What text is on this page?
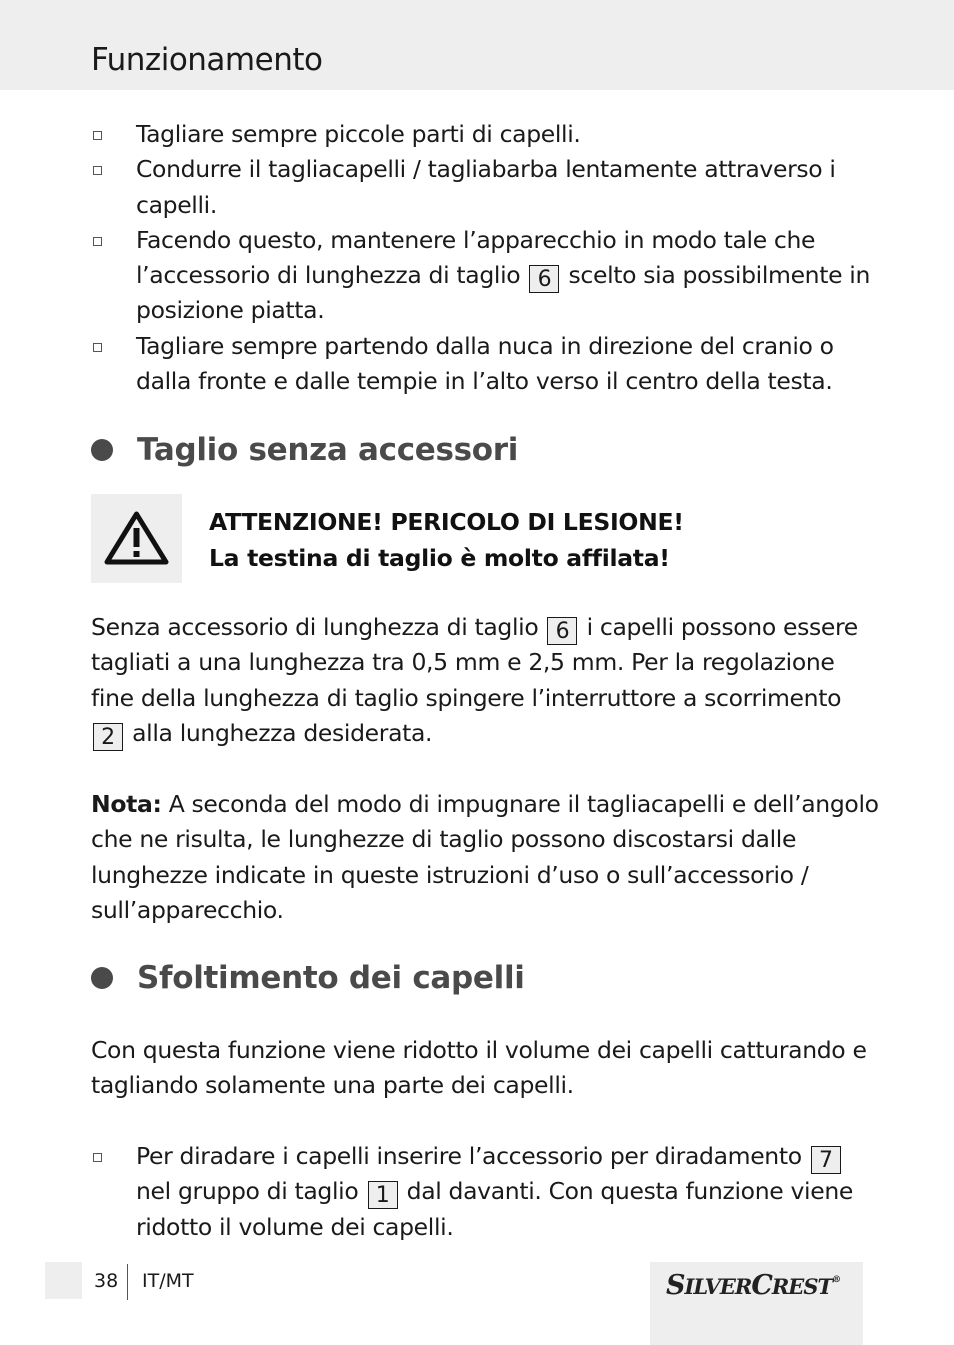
Funzionamento
Tagliare sempre piccole parti di capelli.
Condurre il tagliacapelli / tagliabarba lentamente attraverso i capelli.
Facendo questo, mantenere l’apparecchio in modo tale che l’accessorio di lunghezza di taglio 6 scelto sia possibilmente in posizione piatta.
Tagliare sempre partendo dalla nuca in direzione del cranio o dalla fronte e dalle tempie in l’alto verso il centro della testa.
Taglio senza accessori
ATTENZIONE! PERICOLO DI LESIONE!
La testina di taglio è molto affilata!
Senza accessorio di lunghezza di taglio 6 i capelli possono essere tagliati a una lunghezza tra 0,5 mm e 2,5 mm. Per la regolazione fine della lunghezza di taglio spingere l’interruttore a scorrimento 2 alla lunghezza desiderata.
Nota: A seconda del modo di impugnare il tagliacapelli e dell’angolo che ne risulta, le lunghezze di taglio possono discostarsi dalle lunghezze indicate in queste istruzioni d’uso o sull’accessorio / sull’apparecchio.
Sfoltimento dei capelli
Con questa funzione viene ridotto il volume dei capelli catturando e tagliando solamente una parte dei capelli.
Per diradare i capelli inserire l’accessorio per diradamento 7 nel gruppo di taglio 1 dal davanti. Con questa funzione viene ridotto il volume dei capelli.
38 IT/MT	SILVERCREST®
